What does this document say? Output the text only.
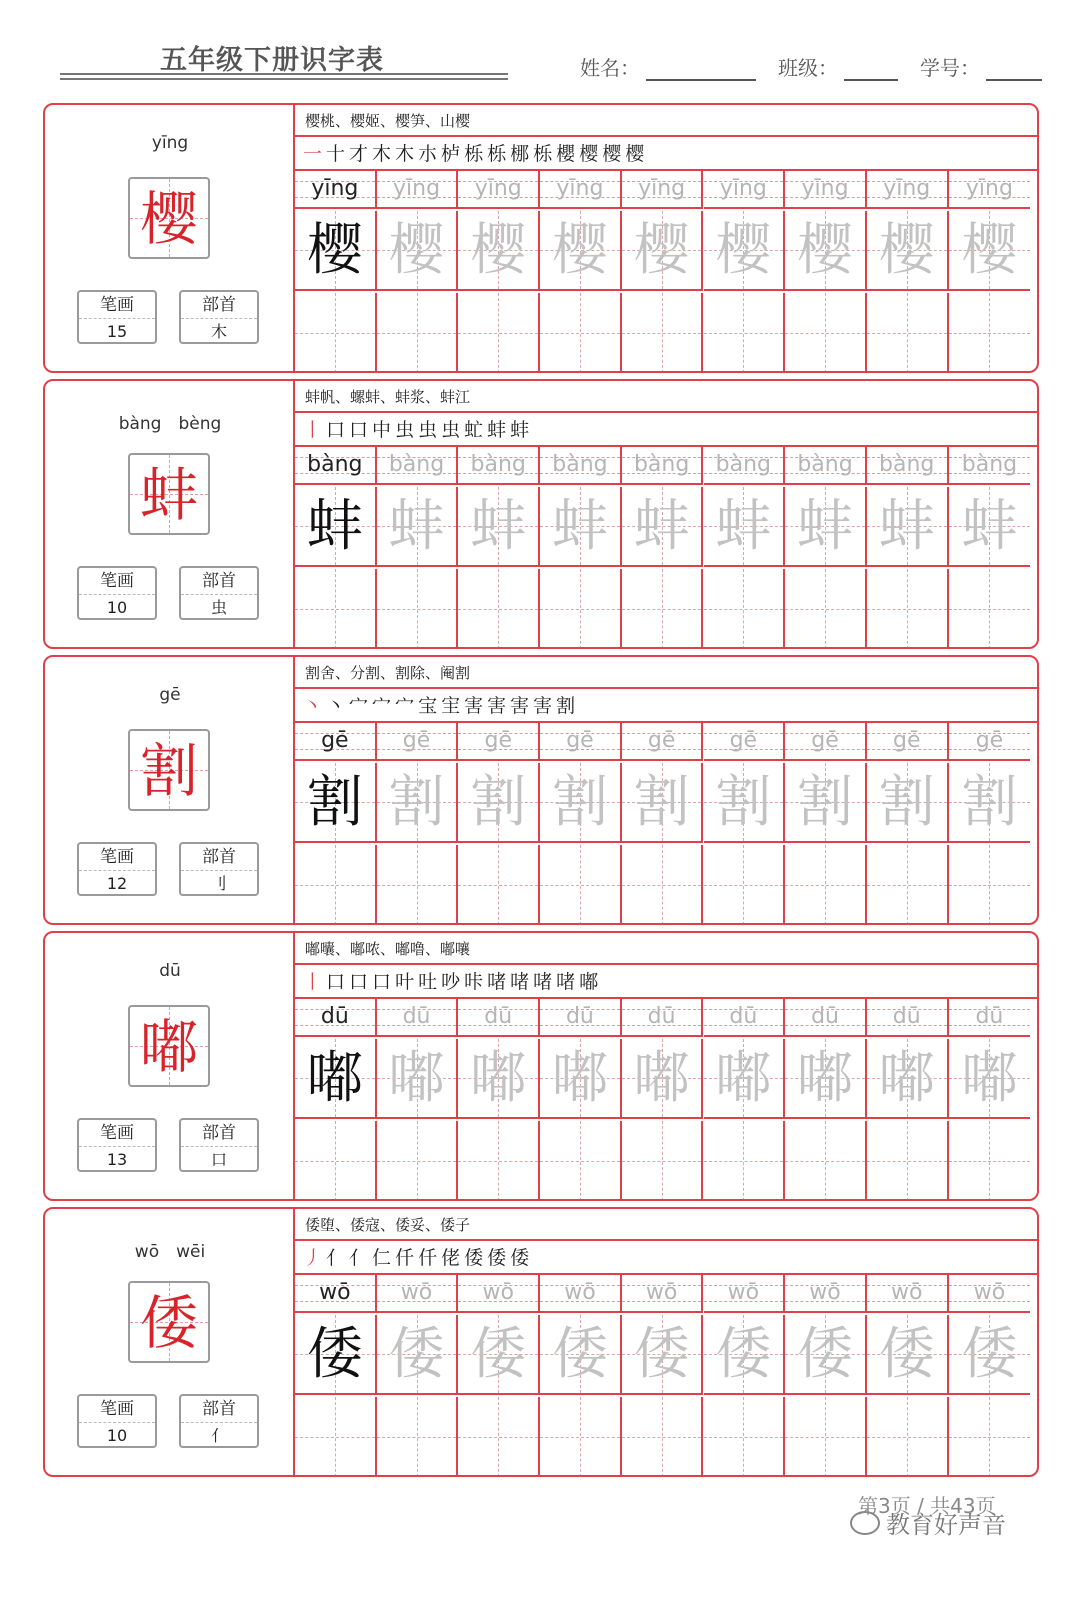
五年级下册识字表	姓名：	班级：	学号：
yīng
樱
笔画
15
部首
木
樱桃、樱姬、樱笋、山樱
一十才木木朩栌栎栎梛栎櫻樱樱樱
yīng
樱
yīng
樱
yīng
樱
yīng
樱
yīng
樱
yīng
樱
yīng
樱
yīng
樱
yīng
樱
bàng　bèng
蚌
笔画
10
部首
虫
蚌帆、螺蚌、蚌浆、蚌江
丨口口中虫虫虫虻蚌蚌
bàng
蚌
bàng
蚌
bàng
蚌
bàng
蚌
bàng
蚌
bàng
蚌
bàng
蚌
bàng
蚌
bàng
蚌
gē
割
笔画
12
部首
刂
割舍、分割、割除、阉割
丶丶宀宀宀宝宔害害害害割
gē
割
gē
割
gē
割
gē
割
gē
割
gē
割
gē
割
gē
割
gē
割
dū
嘟
笔画
13
部首
口
嘟囔、嘟哝、嘟噜、嘟嚷
丨口口口叶吐吵咔啫啫啫啫嘟
dū
嘟
dū
嘟
dū
嘟
dū
嘟
dū
嘟
dū
嘟
dū
嘟
dū
嘟
dū
嘟
wō　wēi
倭
笔画
10
部首
亻
倭堕、倭寇、倭妥、倭子
丿亻亻仁仟仟佬倭倭倭
wō
倭
wō
倭
wō
倭
wō
倭
wō
倭
wō
倭
wō
倭
wō
倭
wō
倭
教育好声音
第3页 / 共43页
